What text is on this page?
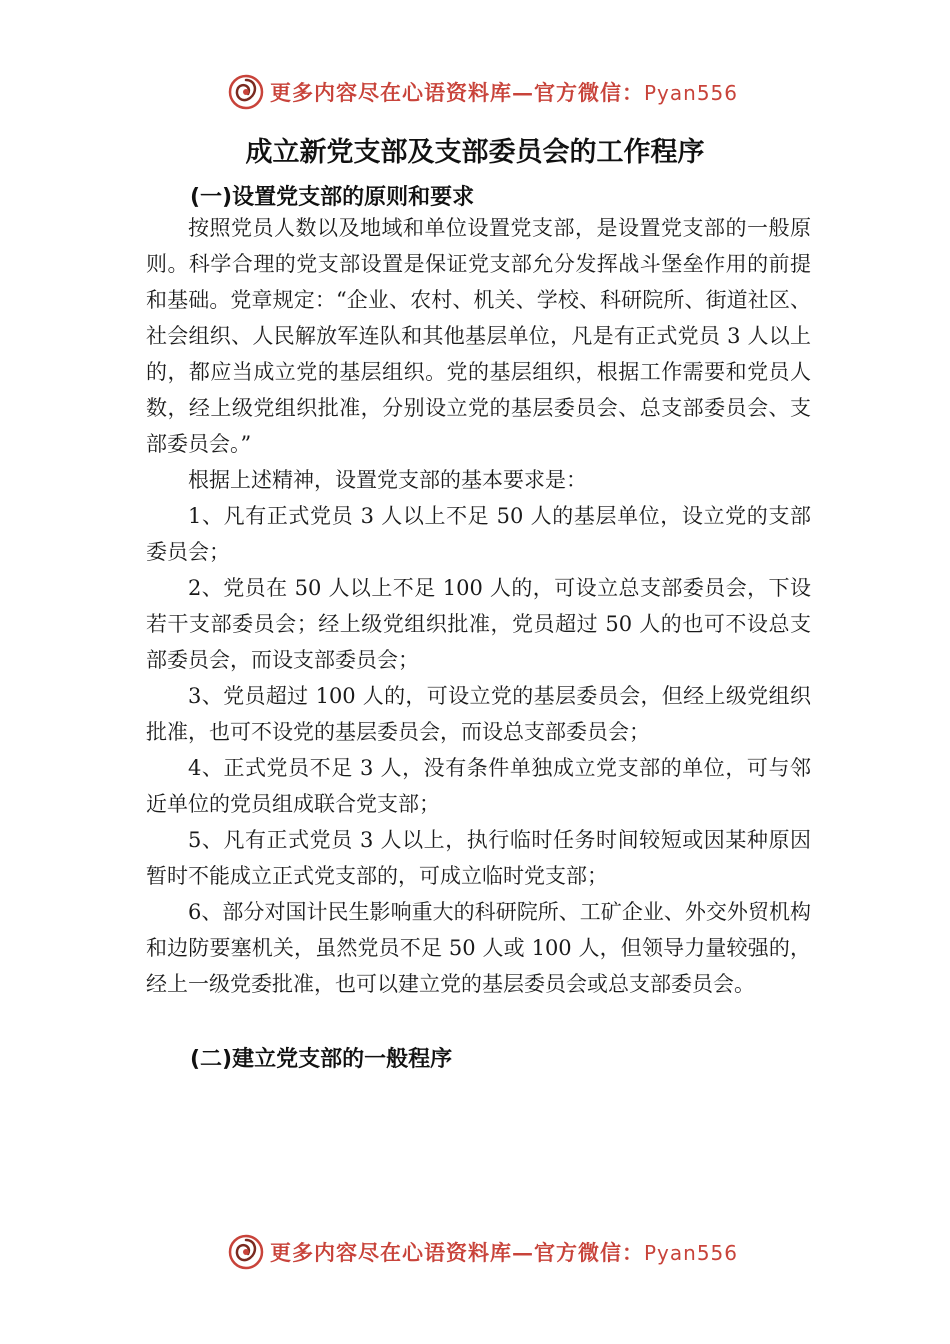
更多内容尽在心语资料库—官方微信：Pyan556
成立新党支部及支部委员会的工作程序
(一)设置党支部的原则和要求

按照党员人数以及地域和单位设置党支部，是设置党支部的一般原则。科学合理的党支部设置是保证党支部允分发挥战斗堡垒作用的前提和基础。党章规定：“企业、农村、机关、学校、科研院所、街道社区、社会组织、人民解放军连队和其他基层单位，凡是有正式党员 3 人以上的，都应当成立党的基层组织。党的基层组织，根据工作需要和党员人数，经上级党组织批准，分别设立党的基层委员会、总支部委员会、支部委员会。”

根据上述精神，设置党支部的基本要求是：

1、凡有正式党员 3 人以上不足 50 人的基层单位，设立党的支部委员会；

2、党员在 50 人以上不足 100 人的，可设立总支部委员会，下设若干支部委员会；经上级党组织批准，党员超过 50 人的也可不设总支部委员会，而设支部委员会；

3、党员超过 100 人的，可设立党的基层委员会，但经上级党组织批准，也可不设党的基层委员会，而设总支部委员会；

4、正式党员不足 3 人，没有条件单独成立党支部的单位，可与邻近单位的党员组成联合党支部；

5、凡有正式党员 3 人以上，执行临时任务时间较短或因某种原因暂时不能成立正式党支部的，可成立临时党支部；

6、部分对国计民生影响重大的科研院所、工矿企业、外交外贸机构和边防要塞机关，虽然党员不足 50 人或 100 人，但领导力量较强的，经上一级党委批准，也可以建立党的基层委员会或总支部委员会。

(二)建立党支部的一般程序
更多内容尽在心语资料库—官方微信：Pyan556
